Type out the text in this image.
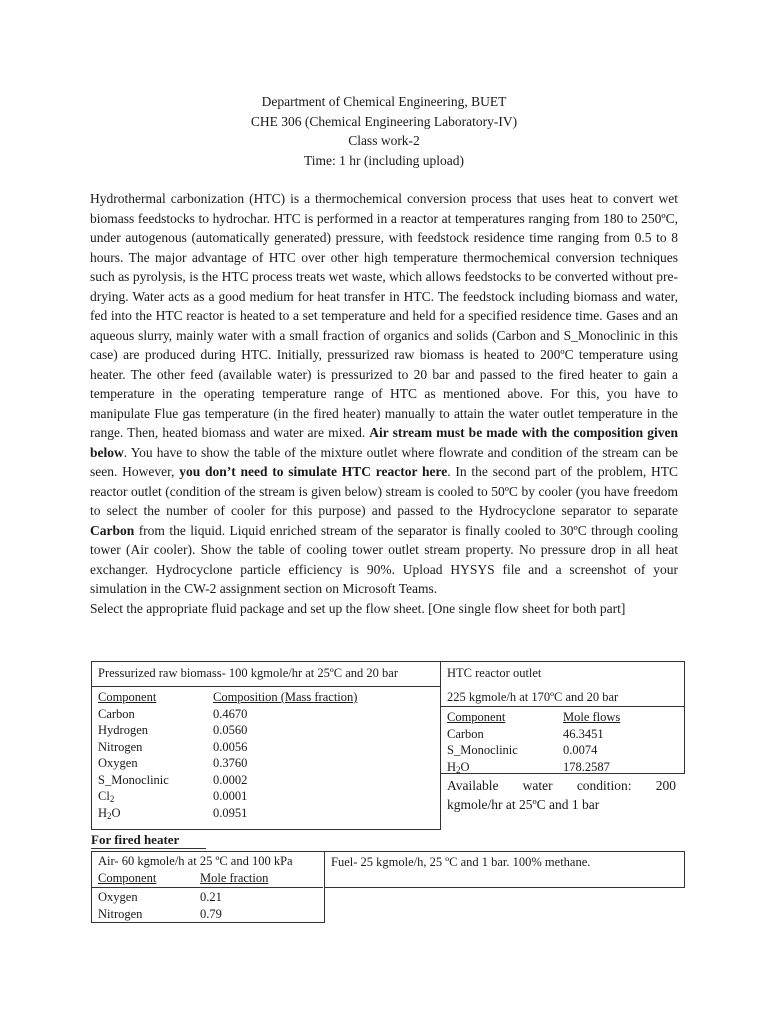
Department of Chemical Engineering, BUET
CHE 306 (Chemical Engineering Laboratory-IV)
Class work-2
Time: 1 hr (including upload)

Hydrothermal carbonization (HTC) is a thermochemical conversion process that uses heat to convert wet biomass feedstocks to hydrochar. HTC is performed in a reactor at temperatures ranging from 180 to 250ºC, under autogenous (automatically generated) pressure, with feedstock residence time ranging from 0.5 to 8 hours. The major advantage of HTC over other high temperature thermochemical conversion techniques such as pyrolysis, is the HTC process treats wet waste, which allows feedstocks to be converted without pre-drying. Water acts as a good medium for heat transfer in HTC. The feedstock including biomass and water, fed into the HTC reactor is heated to a set temperature and held for a specified residence time. Gases and an aqueous slurry, mainly water with a small fraction of organics and solids (Carbon and S_Monoclinic in this case) are produced during HTC. Initially, pressurized raw biomass is heated to 200ºC temperature using heater. The other feed (available water) is pressurized to 20 bar and passed to the fired heater to gain a temperature in the operating temperature range of HTC as mentioned above. For this, you have to manipulate Flue gas temperature (in the fired heater) manually to attain the water outlet temperature in the range. Then, heated biomass and water are mixed. Air stream must be made with the composition given below. You have to show the table of the mixture outlet where flowrate and condition of the stream can be seen. However, you don’t need to simulate HTC reactor here. In the second part of the problem, HTC reactor outlet (condition of the stream is given below) stream is cooled to 50ºC by cooler (you have freedom to select the number of cooler for this purpose) and passed to the Hydrocyclone separator to separate Carbon from the liquid. Liquid enriched stream of the separator is finally cooled to 30ºC through cooling tower (Air cooler). Show the table of cooling tower outlet stream property. No pressure drop in all heat exchanger. Hydrocyclone particle efficiency is 90%. Upload HYSYS file and a screenshot of your simulation in the CW-2 assignment section on Microsoft Teams.

Select the appropriate fluid package and set up the flow sheet. [One single flow sheet for both part]

Pressurized raw biomass- 100 kgmole/hr at 25ºC and 20 bar
Component	Composition (Mass fraction)
Carbon	0.4670
Hydrogen	0.0560
Nitrogen	0.0056
Oxygen	0.3760
S_Monoclinic	0.0002
$Cl_2$	0.0001
$H_2O$	0.0951
HTC reactor outlet
225 kgmole/h at 170ºC and 20 bar
Component	Mole flows
Carbon	46.3451
S_Monoclinic	0.0074
$H_2O$	178.2587
Available water condition: 200
kgmole/hr at 25ºC and 1 bar
For fired heater
Air- 60 kgmole/h at 25 ºC and 100 kPa
Component	Mole fraction
Oxygen	0.21
Nitrogen	0.79
Fuel- 25 kgmole/h, 25 ºC and 1 bar. 100% methane.
